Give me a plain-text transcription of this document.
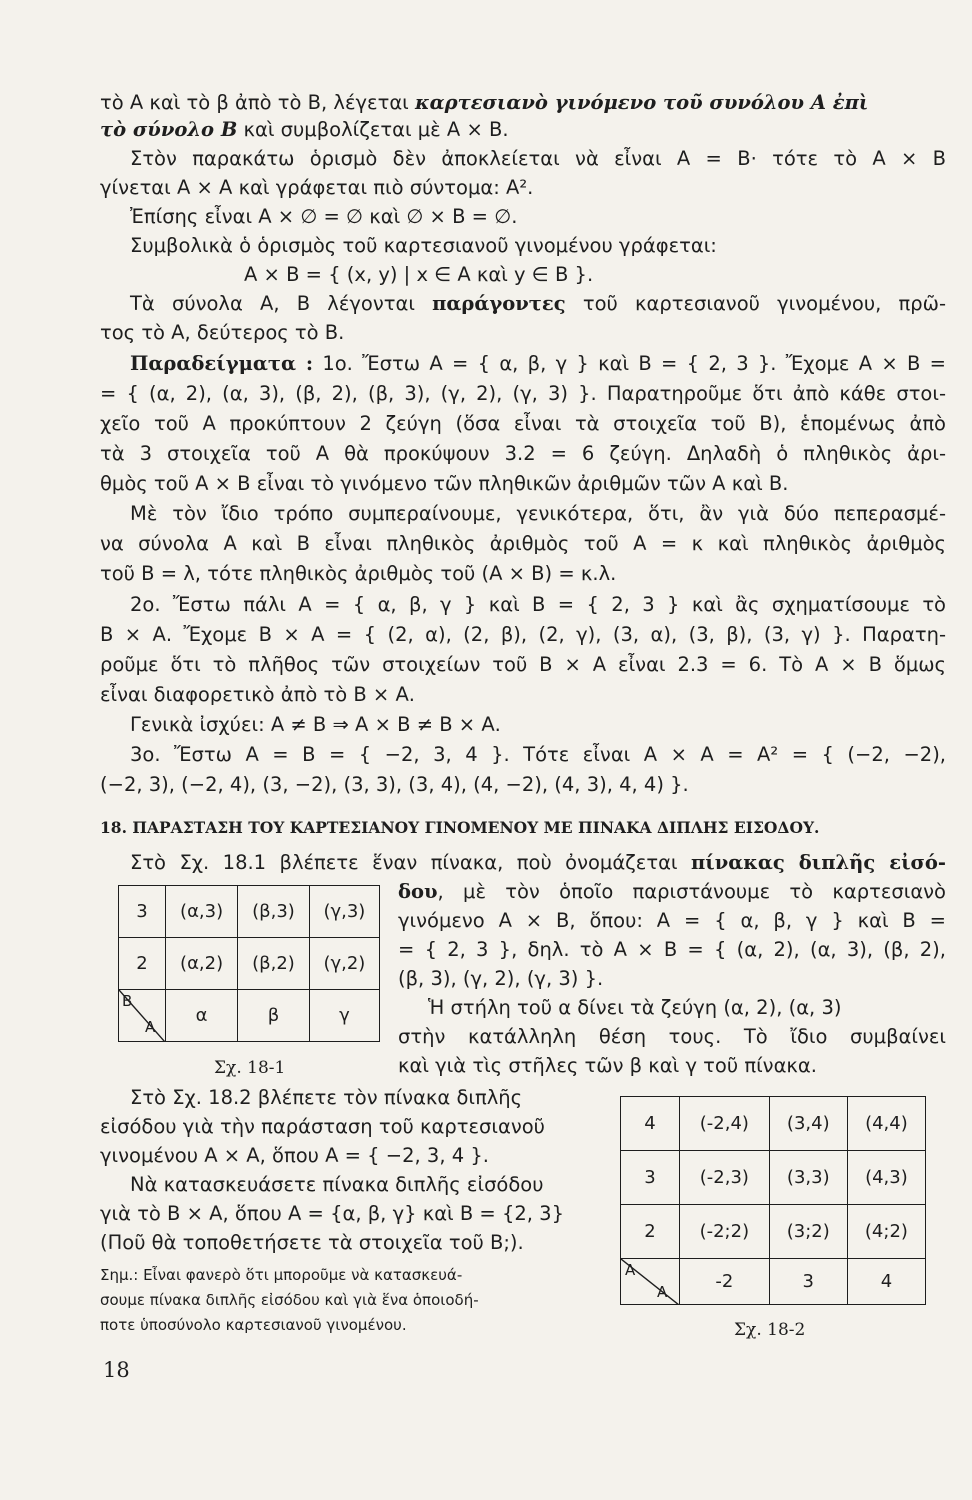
τὸ Α καὶ τὸ β ἀπὸ τὸ Β, λέγεται καρτεσιανὸ γινόμενο τοῦ συνόλου Α ἐπὶ
τὸ σύνολο Β καὶ συμβολίζεται μὲ Α × Β.
Στὸν παρακάτω ὁρισμὸ δὲν ἀποκλείεται νὰ εἶναι Α = Β· τότε τὸ Α × Β
γίνεται Α × Α καὶ γράφεται πιὸ σύντομα: Α².
Ἐπίσης εἶναι Α × ∅ = ∅ καὶ ∅ × Β = ∅.
Συμβολικὰ ὁ ὁρισμὸς τοῦ καρτεσιανοῦ γινομένου γράφεται:
Α × Β = { (x, y) | x ∈ Α καὶ y ∈ Β }.
Τὰ σύνολα Α, Β λέγονται παράγοντες τοῦ καρτεσιανοῦ γινομένου, πρῶ-
τος τὸ Α, δεύτερος τὸ Β.
Παραδείγματα : 1ο. Ἔστω Α = { α, β, γ } καὶ Β = { 2, 3 }. Ἔχομε Α × Β =
= { (α, 2), (α, 3), (β, 2), (β, 3), (γ, 2), (γ, 3) }. Παρατηροῦμε ὅτι ἀπὸ κάθε στοι-
χεῖο τοῦ Α προκύπτουν 2 ζεύγη (ὅσα εἶναι τὰ στοιχεῖα τοῦ Β), ἑπομένως ἀπὸ
τὰ 3 στοιχεῖα τοῦ Α θὰ προκύψουν 3.2 = 6 ζεύγη. Δηλαδὴ ὁ πληθικὸς ἀρι-
θμὸς τοῦ Α × Β εἶναι τὸ γινόμενο τῶν πληθικῶν ἀριθμῶν τῶν Α καὶ Β.
Μὲ τὸν ἴδιο τρόπο συμπεραίνουμε, γενικότερα, ὅτι, ἂν γιὰ δύο πεπερασμέ-
να σύνολα Α καὶ Β εἶναι πληθικὸς ἀριθμὸς τοῦ Α = κ καὶ πληθικὸς ἀριθμὸς
τοῦ Β = λ, τότε πληθικὸς ἀριθμὸς τοῦ (Α × Β) = κ.λ.
2ο. Ἔστω πάλι Α = { α, β, γ } καὶ Β = { 2, 3 } καὶ ἂς σχηματίσουμε τὸ
Β × Α. Ἔχομε Β × Α = { (2, α), (2, β), (2, γ), (3, α), (3, β), (3, γ) }. Παρατη-
ροῦμε ὅτι τὸ πλῆθος τῶν στοιχείων τοῦ Β × Α εἶναι 2.3 = 6. Τὸ Α × Β ὅμως
εἶναι διαφορετικὸ ἀπὸ τὸ Β × Α.
Γενικὰ ἰσχύει: Α ≠ Β ⇒ Α × Β ≠ Β × Α.
3ο. Ἔστω Α = Β = { −2, 3, 4 }. Τότε εἶναι Α × Α = Α² = { (−2, −2),
(−2, 3), (−2, 4), (3, −2), (3, 3), (3, 4), (4, −2), (4, 3), 4, 4) }.
18. ΠΑΡΑΣΤΑΣΗ ΤΟΥ ΚΑΡΤΕΣΙΑΝΟΥ ΓΙΝΟΜΕΝΟΥ ΜΕ ΠΙΝΑΚΑ ΔΙΠΛΗΣ ΕΙΣΟΔΟΥ.
Στὸ Σχ. 18.1 βλέπετε ἕναν πίνακα, ποὺ ὀνομάζεται πίνακας διπλῆς εἰσό-
δου, μὲ τὸν ὁποῖο παριστάνουμε τὸ καρτεσιανὸ
γινόμενο Α × Β, ὅπου: Α = { α, β, γ } καὶ Β =
= { 2, 3 }, δηλ. τὸ Α × Β = { (α, 2), (α, 3), (β, 2),
(β, 3), (γ, 2), (γ, 3) }.
Ἡ στήλη τοῦ α δίνει τὰ ζεύγη (α, 2), (α, 3)
στὴν κατάλληλη θέση τους. Τὸ ἴδιο συμβαίνει
καὶ γιὰ τὶς στῆλες τῶν β καὶ γ τοῦ πίνακα.
Στὸ Σχ. 18.2 βλέπετε τὸν πίνακα διπλῆς
εἰσόδου γιὰ τὴν παράσταση τοῦ καρτεσιανοῦ
γινομένου Α × Α, ὅπου Α = { −2, 3, 4 }.
Νὰ κατασκευάσετε πίνακα διπλῆς εἰσόδου
γιὰ τὸ Β × Α, ὅπου Α = {α, β, γ} καὶ Β = {2, 3}
(Ποῦ θὰ τοποθετήσετε τὰ στοιχεῖα τοῦ Β;).
Σημ.: Εἶναι φανερὸ ὅτι μποροῦμε νὰ κατασκευά-
σουμε πίνακα διπλῆς εἰσόδου καὶ γιὰ ἕνα ὁποιοδή-
ποτε ὑποσύνολο καρτεσιανοῦ γινομένου.
3	(α,3)	(β,3)	(γ,3)
2	(α,2)	(β,2)	(γ,2)

B
A	α	β	γ
Σχ. 18-1
4	(-2,4)	(3,4)	(4,4)
3	(-2,3)	(3,3)	(4,3)
2	(-2;2)	(3;2)	(4;2)

A
A	-2	3	4
Σχ. 18-2
18
